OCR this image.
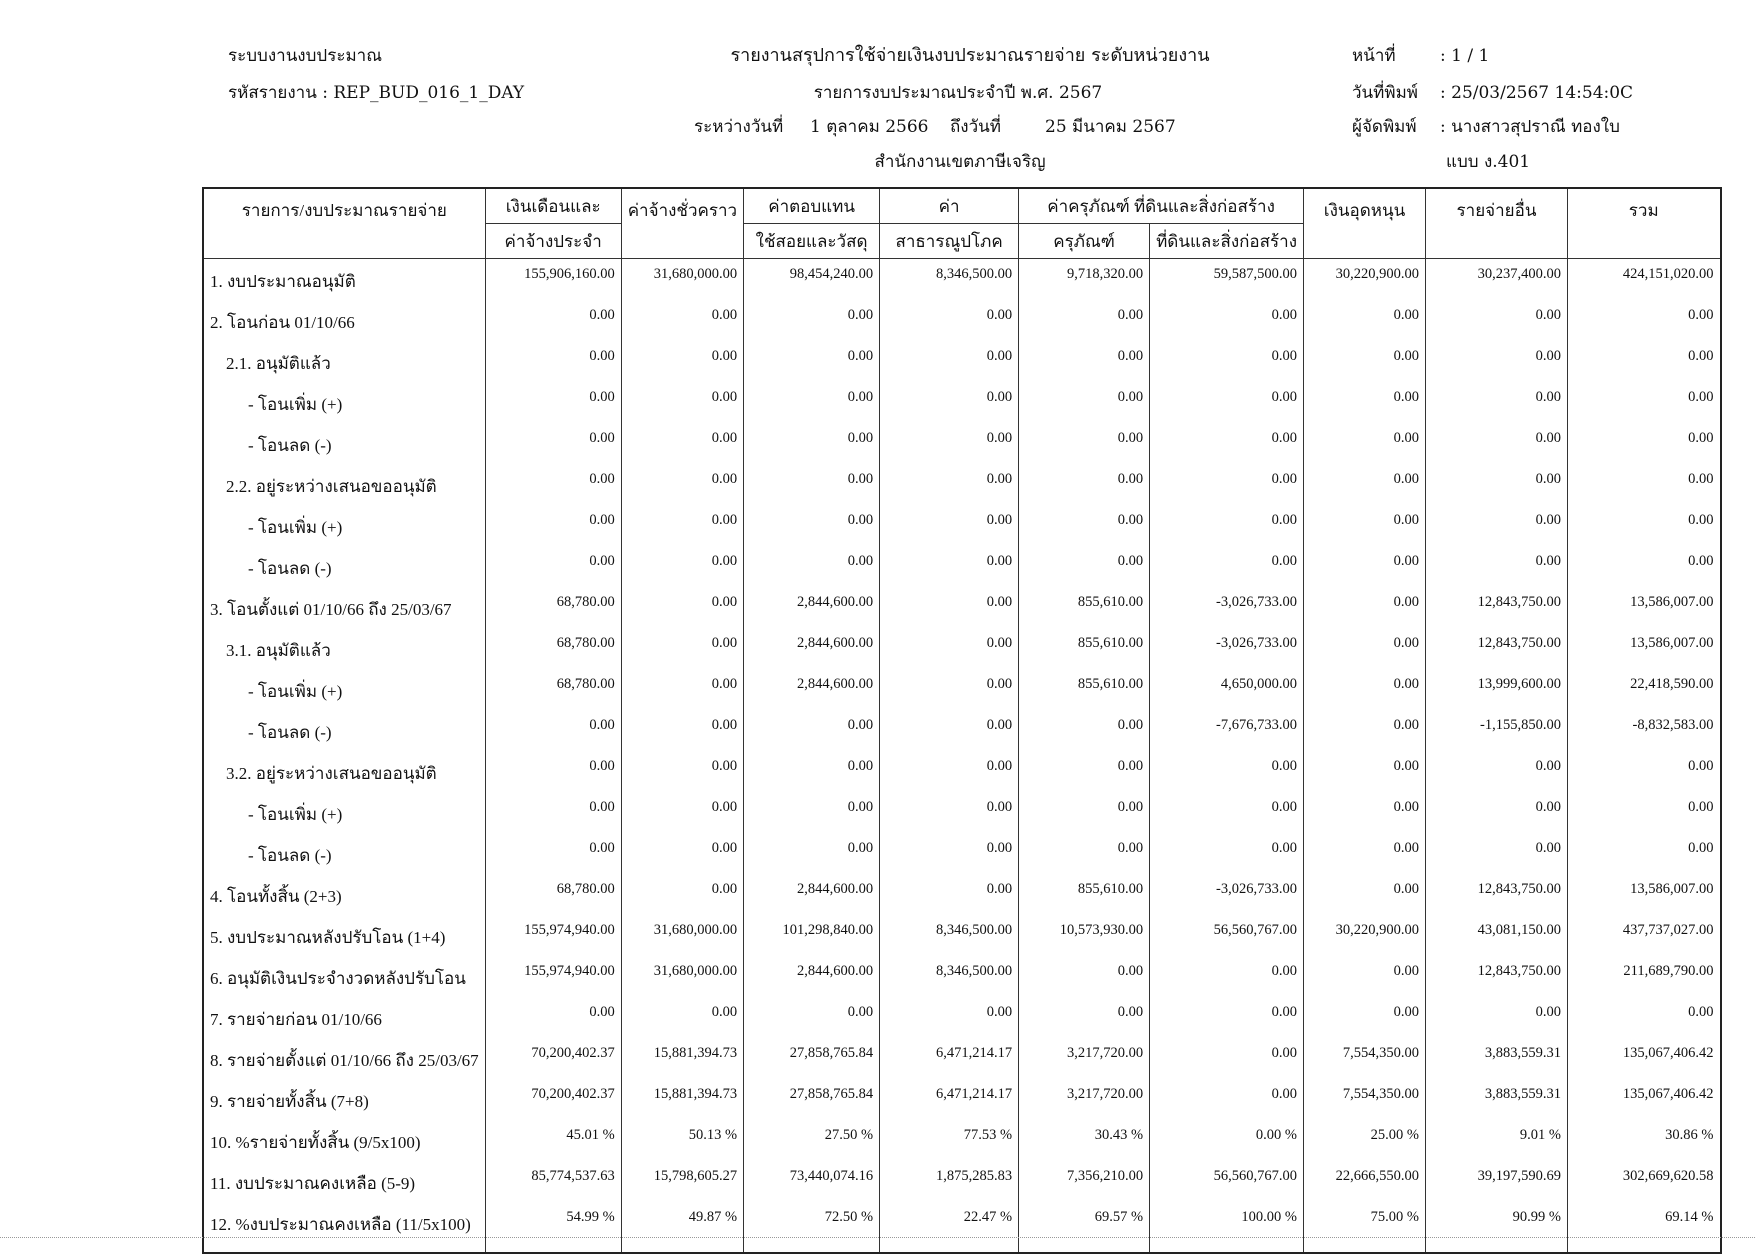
ระบบงานงบประมาณ
รหัสรายงาน : REP_BUD_016_1_DAY
รายงานสรุปการใช้จ่ายเงินงบประมาณรายจ่าย ระดับหน่วยงาน
รายการงบประมาณประจำปี พ.ศ. 2567
ระหว่างวันที่ 1 ตุลาคม 2566 ถึงวันที่	25 มีนาคม 2567
สำนักงานเขตภาษีเจริญ
หน้าที่	: 1 / 1
วันที่พิมพ์ : 25/03/2567 14:54:0C
ผู้จัดพิมพ์ : นางสาวสุปราณี ทองใบ
แบบ ง.401
รายการ/งบประมาณรายจ่าย	เงินเดือนและ	ค่าจ้างชั่วคราว	ค่าตอบแทน	ค่า	ค่าครุภัณฑ์ ที่ดินและสิ่งก่อสร้าง		เงินอุดหนุน	รายจ่ายอื่น	รวม
	ค่าจ้างประจำ		ใช้สอยและวัสดุ	สาธารณูปโภค	ครุภัณฑ์	ที่ดินและสิ่งก่อสร้าง			
1. งบประมาณอนุมัติ	155,906,160.00	31,680,000.00	98,454,240.00	8,346,500.00	9,718,320.00	59,587,500.00	30,220,900.00	30,237,400.00	424,151,020.00
2. โอนก่อน 01/10/66	0.00	0.00	0.00	0.00	0.00	0.00	0.00	0.00	0.00
2.1. อนุมัติแล้ว	0.00	0.00	0.00	0.00	0.00	0.00	0.00	0.00	0.00
- โอนเพิ่ม (+)	0.00	0.00	0.00	0.00	0.00	0.00	0.00	0.00	0.00
- โอนลด (-)	0.00	0.00	0.00	0.00	0.00	0.00	0.00	0.00	0.00
2.2. อยู่ระหว่างเสนอขออนุมัติ	0.00	0.00	0.00	0.00	0.00	0.00	0.00	0.00	0.00
- โอนเพิ่ม (+)	0.00	0.00	0.00	0.00	0.00	0.00	0.00	0.00	0.00
- โอนลด (-)	0.00	0.00	0.00	0.00	0.00	0.00	0.00	0.00	0.00
3. โอนตั้งแต่ 01/10/66 ถึง 25/03/67	68,780.00	0.00	2,844,600.00	0.00	855,610.00	-3,026,733.00	0.00	12,843,750.00	13,586,007.00
3.1. อนุมัติแล้ว	68,780.00	0.00	2,844,600.00	0.00	855,610.00	-3,026,733.00	0.00	12,843,750.00	13,586,007.00
- โอนเพิ่ม (+)	68,780.00	0.00	2,844,600.00	0.00	855,610.00	4,650,000.00	0.00	13,999,600.00	22,418,590.00
- โอนลด (-)	0.00	0.00	0.00	0.00	0.00	-7,676,733.00	0.00	-1,155,850.00	-8,832,583.00
3.2. อยู่ระหว่างเสนอขออนุมัติ	0.00	0.00	0.00	0.00	0.00	0.00	0.00	0.00	0.00
- โอนเพิ่ม (+)	0.00	0.00	0.00	0.00	0.00	0.00	0.00	0.00	0.00
- โอนลด (-)	0.00	0.00	0.00	0.00	0.00	0.00	0.00	0.00	0.00
4. โอนทั้งสิ้น (2+3)	68,780.00	0.00	2,844,600.00	0.00	855,610.00	-3,026,733.00	0.00	12,843,750.00	13,586,007.00
5. งบประมาณหลังปรับโอน (1+4)	155,974,940.00	31,680,000.00	101,298,840.00	8,346,500.00	10,573,930.00	56,560,767.00	30,220,900.00	43,081,150.00	437,737,027.00
6. อนุมัติเงินประจำงวดหลังปรับโอน	155,974,940.00	31,680,000.00	2,844,600.00	8,346,500.00	0.00	0.00	0.00	12,843,750.00	211,689,790.00
7. รายจ่ายก่อน 01/10/66	0.00	0.00	0.00	0.00	0.00	0.00	0.00	0.00	0.00
8. รายจ่ายตั้งแต่ 01/10/66 ถึง 25/03/67	70,200,402.37	15,881,394.73	27,858,765.84	6,471,214.17	3,217,720.00	0.00	7,554,350.00	3,883,559.31	135,067,406.42
9. รายจ่ายทั้งสิ้น (7+8)	70,200,402.37	15,881,394.73	27,858,765.84	6,471,214.17	3,217,720.00	0.00	7,554,350.00	3,883,559.31	135,067,406.42
10. %รายจ่ายทั้งสิ้น (9/5x100)	45.01 %	50.13 %	27.50 %	77.53 %	30.43 %	0.00 %	25.00 %	9.01 %	30.86 %
11. งบประมาณคงเหลือ (5-9)	85,774,537.63	15,798,605.27	73,440,074.16	1,875,285.83	7,356,210.00	56,560,767.00	22,666,550.00	39,197,590.69	302,669,620.58
12. %งบประมาณคงเหลือ (11/5x100)	54.99 %	49.87 %	72.50 %	22.47 %	69.57 %	100.00 %	75.00 %	90.99 %	69.14 %
